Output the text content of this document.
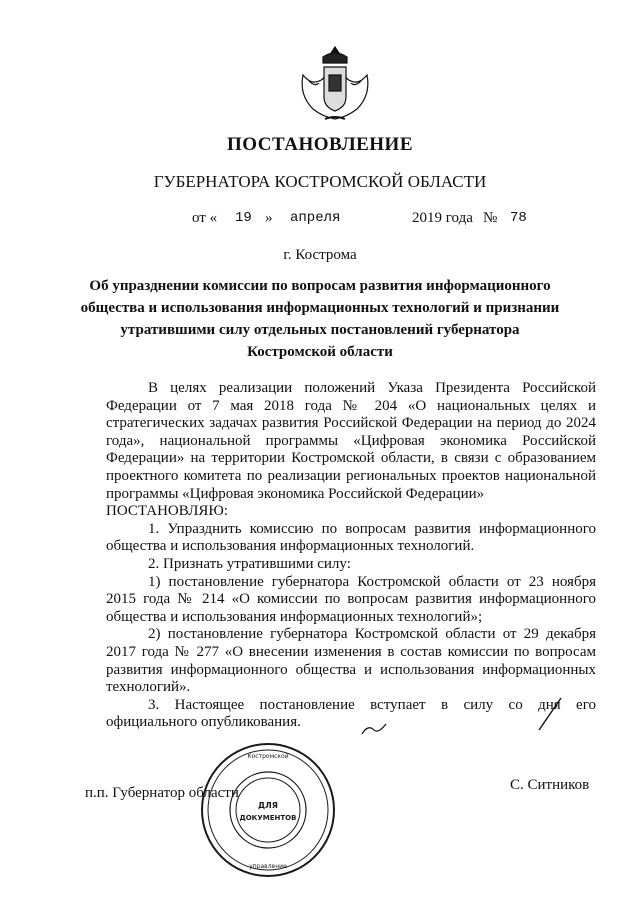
ПОСТАНОВЛЕНИЕ
ГУБЕРНАТОРА КОСТРОМСКОЙ ОБЛАСТИ
от « 19 » апреля	2019 года № 78
г. Кострома
Об упразднении комиссии по вопросам развития информационного
общества и использования информационных технологий и признании
утратившими силу отдельных постановлений губернатора
Костромской области

В целях реализации положений Указа Президента Российской Федерации от 7 мая 2018 года № 204 «О национальных целях и стратегических задачах развития Российской Федерации на период до 2024 года», национальной программы «Цифровая экономика Российской Федерации» на территории Костромской области, в связи с образованием проектного комитета по реализации региональных проектов национальной программы «Цифровая экономика Российской Федерации»

ПОСТАНОВЛЯЮ:

1. Упразднить комиссию по вопросам развития информационного общества и использования информационных технологий.

2. Признать утратившими силу:

1) постановление губернатора Костромской области от 23 ноября 2015 года № 214 «О комиссии по вопросам развития информационного общества и использования информационных технологий»;

2) постановление губернатора Костромской области от 29 декабря 2017 года № 277 «О внесении изменения в состав комиссии по вопросам развития информационного общества и использования информационных технологий».

3. Настоящее постановление вступает в силу со дня его официального опубликования.

п.п. Губернатор области	С. Ситников
Костромской
управление
ДЛЯ
ДОКУМЕНТОВ
